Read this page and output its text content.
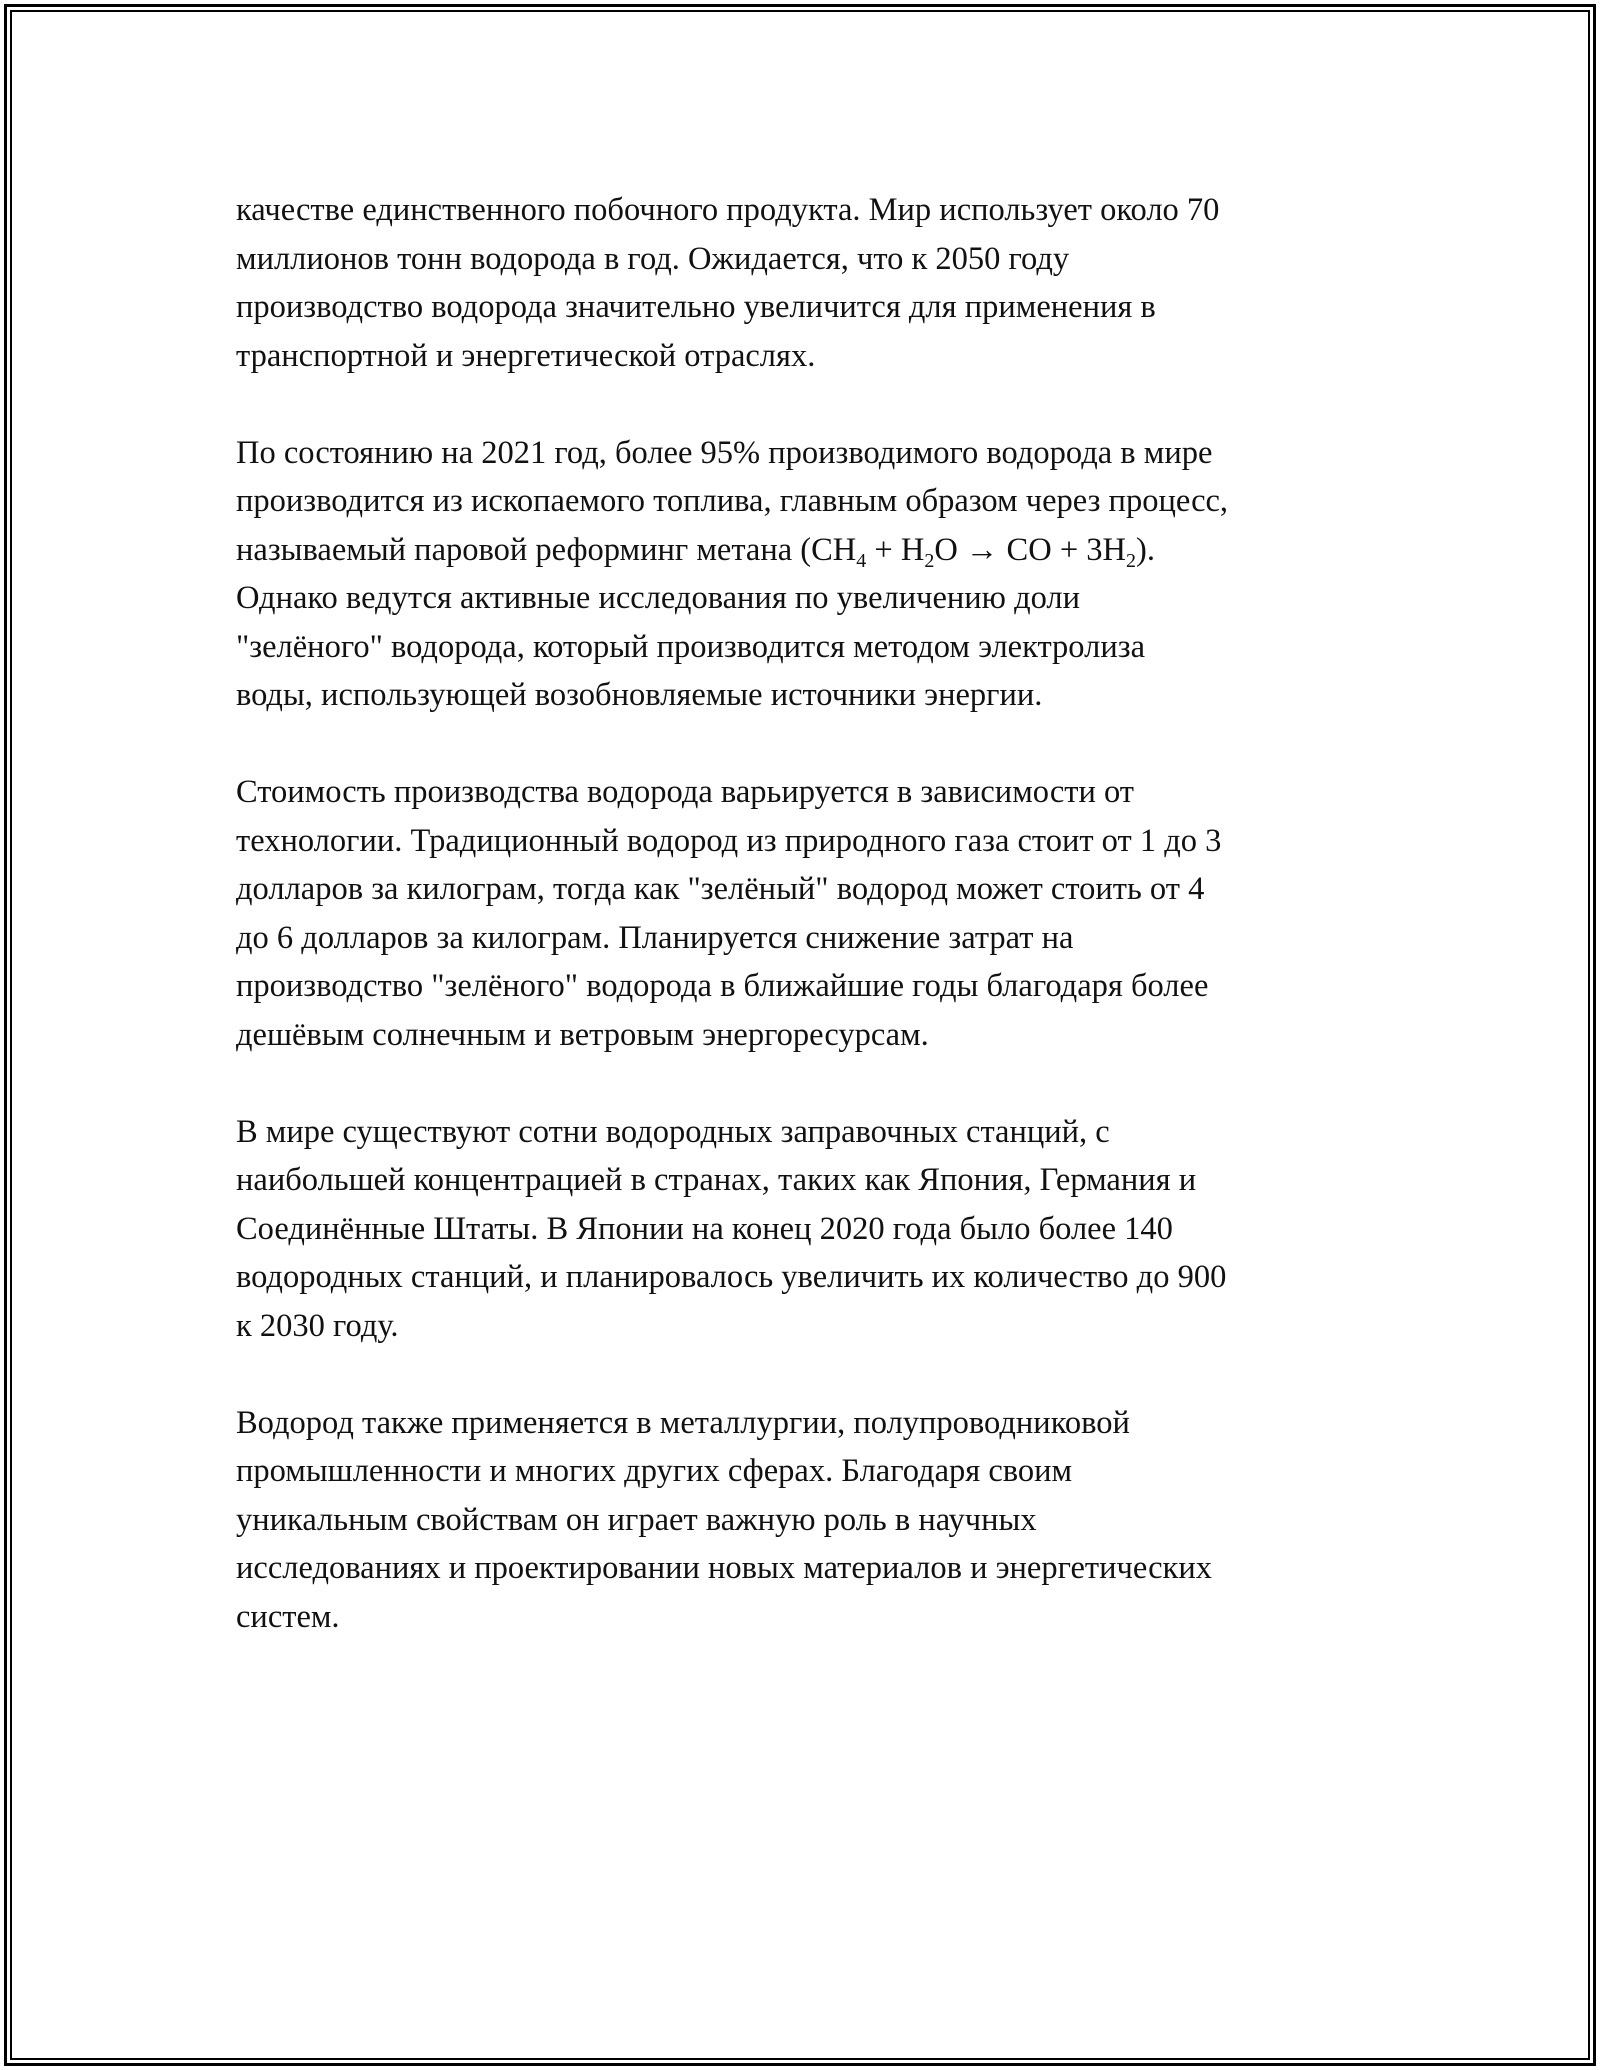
качестве единственного побочного продукта. Мир использует около 70
миллионов тонн водорода в год. Ожидается, что к 2050 году
производство водорода значительно увеличится для применения в
транспортной и энергетической отраслях.

По состоянию на 2021 год, более 95% производимого водорода в мире
производится из ископаемого топлива, главным образом через процесс,
называемый паровой реформинг метана ($CH_4 + H_2O$ → CO + $3H_2$).
Однако ведутся активные исследования по увеличению доли
"зелёного" водорода, который производится методом электролиза
воды, использующей возобновляемые источники энергии.

Стоимость производства водорода варьируется в зависимости от
технологии. Традиционный водород из природного газа стоит от 1 до 3
долларов за килограм, тогда как "зелёный" водород может стоить от 4
до 6 долларов за килограм. Планируется снижение затрат на
производство "зелёного" водорода в ближайшие годы благодаря более
дешёвым солнечным и ветровым энергоресурсам.

В мире существуют сотни водородных заправочных станций, с
наибольшей концентрацией в странах, таких как Япония, Германия и
Соединённые Штаты. В Японии на конец 2020 года было более 140
водородных станций, и планировалось увеличить их количество до 900
к 2030 году.

Водород также применяется в металлургии, полупроводниковой
промышленности и многих других сферах. Благодаря своим
уникальным свойствам он играет важную роль в научных
исследованиях и проектировании новых материалов и энергетических
систем.
